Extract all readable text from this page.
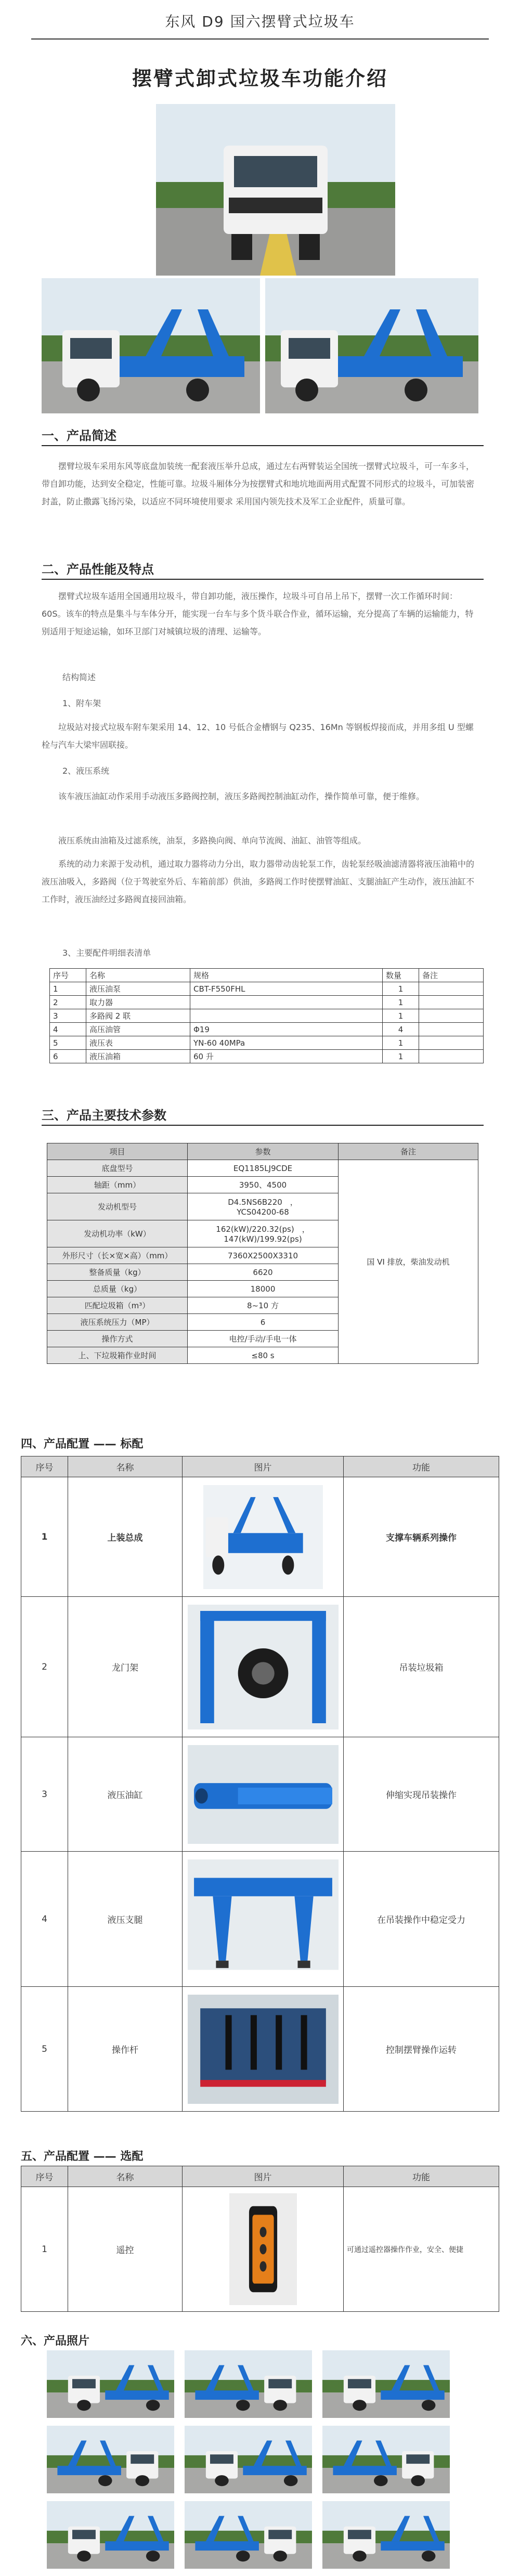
东风 D9 国六摆臂式垃圾车
摆臂式卸式垃圾车功能介绍
一、产品简述
摆臂垃圾车采用东风等底盘加装统一配套液压举升总成，通过左右两臂装运全国统一摆臂式垃圾斗，可一车多斗，带自卸功能，达到安全稳定，性能可靠。垃圾斗厢体分为按摆臂式和地坑地面两用式配置不同形式的垃圾斗，可加装密封盖，防止撒露飞扬污染，以适应不同环境使用要求 采用国内领先技术及军工企业配件，质量可靠。
二、产品性能及特点
摆臂式垃圾车适用全国通用垃圾斗，带自卸功能，液压操作，垃圾斗可自吊上吊下，摆臂一次工作循环时间：60S。该车的特点是集斗与车体分开，能实现一台车与多个货斗联合作业，循环运输，充分提高了车辆的运输能力，特别适用于短途运输，如环卫部门对城镇垃圾的清理、运输等。
结构简述
1、附车架
垃圾站对接式垃圾车附车架采用 14、12、10 号低合金槽钢与 Q235、16Mn 等钢板焊接而成，并用多组 U 型螺栓与汽车大梁牢固联接。
2、液压系统
该车液压油缸动作采用手动液压多路阀控制，液压多路阀控制油缸动作，操作简单可靠，便于维修。
液压系统由油箱及过滤系统，油泵，多路换向阀、单向节流阀、油缸、油管等组成。
系统的动力来源于发动机，通过取力器将动力分出，取力器带动齿轮泵工作，齿轮泵经吸油滤清器将液压油箱中的液压油吸入，多路阀（位于驾驶室外后、车箱前部）供油，多路阀工作时使摆臂油缸、支腿油缸产生动作，液压油缸不工作时，液压油经过多路阀直接回油箱。
3、主要配件明细表清单
序号	名称	规格	数量	备注
1	液压油泵	CBT-F550FHL	1	
2	取力器		1	
3	多路阀 2 联		1	
4	高压油管	Φ19	4	
5	液压表	YN-60 40MPa	1	
6	液压油箱	60 升	1	
三、产品主要技术参数
项目	参数	备注
底盘型号	EQ1185LJ9CDE	国 VI 排放，柴油发动机
轴距（mm）	3950、4500	
发动机型号	D4.5NS6B220　，
YCS04200-68	
发动机功率（kW）	162(kW)/220.32(ps)　，
147(kW)/199.92(ps)	
外形尺寸（长×宽×高）（mm）	7360X2500X3310	
整备质量（kg）	6620	
总质量（kg）	18000	
匹配垃圾箱（m³）	8~10 方	
液压系统压力（MP）	6	
操作方式	电控/手动/手电一体	
上、下垃圾箱作业时间	≤80 s	
四、产品配置 —— 标配
序号	名称	图片	功能
1	上装总成		支撑车辆系列操作
2	龙门架		吊装垃圾箱
3	液压油缸		伸缩实现吊装操作
4	液压支腿		在吊装操作中稳定受力
5	操作杆		控制摆臂操作运转
五、产品配置 —— 选配
序号	名称	图片	功能
1	遥控		可通过遥控器操作作业，安全、便捷
六、产品照片
